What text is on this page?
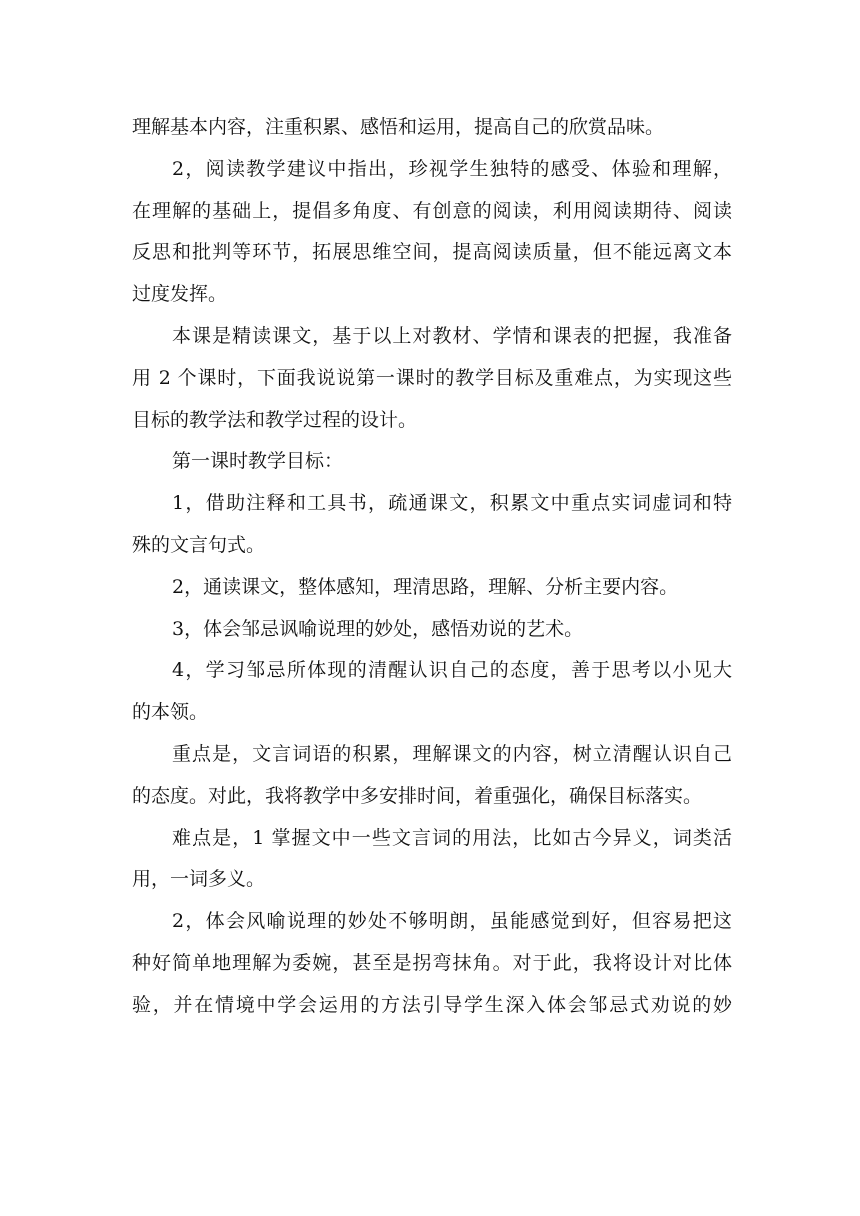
理解基本内容，注重积累、感悟和运用，提高自己的欣赏品味。
2，阅读教学建议中指出，珍视学生独特的感受、体验和理解，
在理解的基础上，提倡多角度、有创意的阅读，利用阅读期待、阅读
反思和批判等环节，拓展思维空间，提高阅读质量，但不能远离文本
过度发挥。
本课是精读课文，基于以上对教材、学情和课表的把握，我准备
用 2 个课时，下面我说说第一课时的教学目标及重难点，为实现这些
目标的教学法和教学过程的设计。
第一课时教学目标：
1，借助注释和工具书，疏通课文，积累文中重点实词虚词和特
殊的文言句式。
2，通读课文，整体感知，理清思路，理解、分析主要内容。
3，体会邹忌讽喻说理的妙处，感悟劝说的艺术。
4，学习邹忌所体现的清醒认识自己的态度，善于思考以小见大
的本领。
重点是，文言词语的积累，理解课文的内容，树立清醒认识自己
的态度。对此，我将教学中多安排时间，着重强化，确保目标落实。
难点是，1 掌握文中一些文言词的用法，比如古今异义，词类活
用，一词多义。
2，体会风喻说理的妙处不够明朗，虽能感觉到好，但容易把这
种好简单地理解为委婉，甚至是拐弯抹角。对于此，我将设计对比体
验，并在情境中学会运用的方法引导学生深入体会邹忌式劝说的妙
